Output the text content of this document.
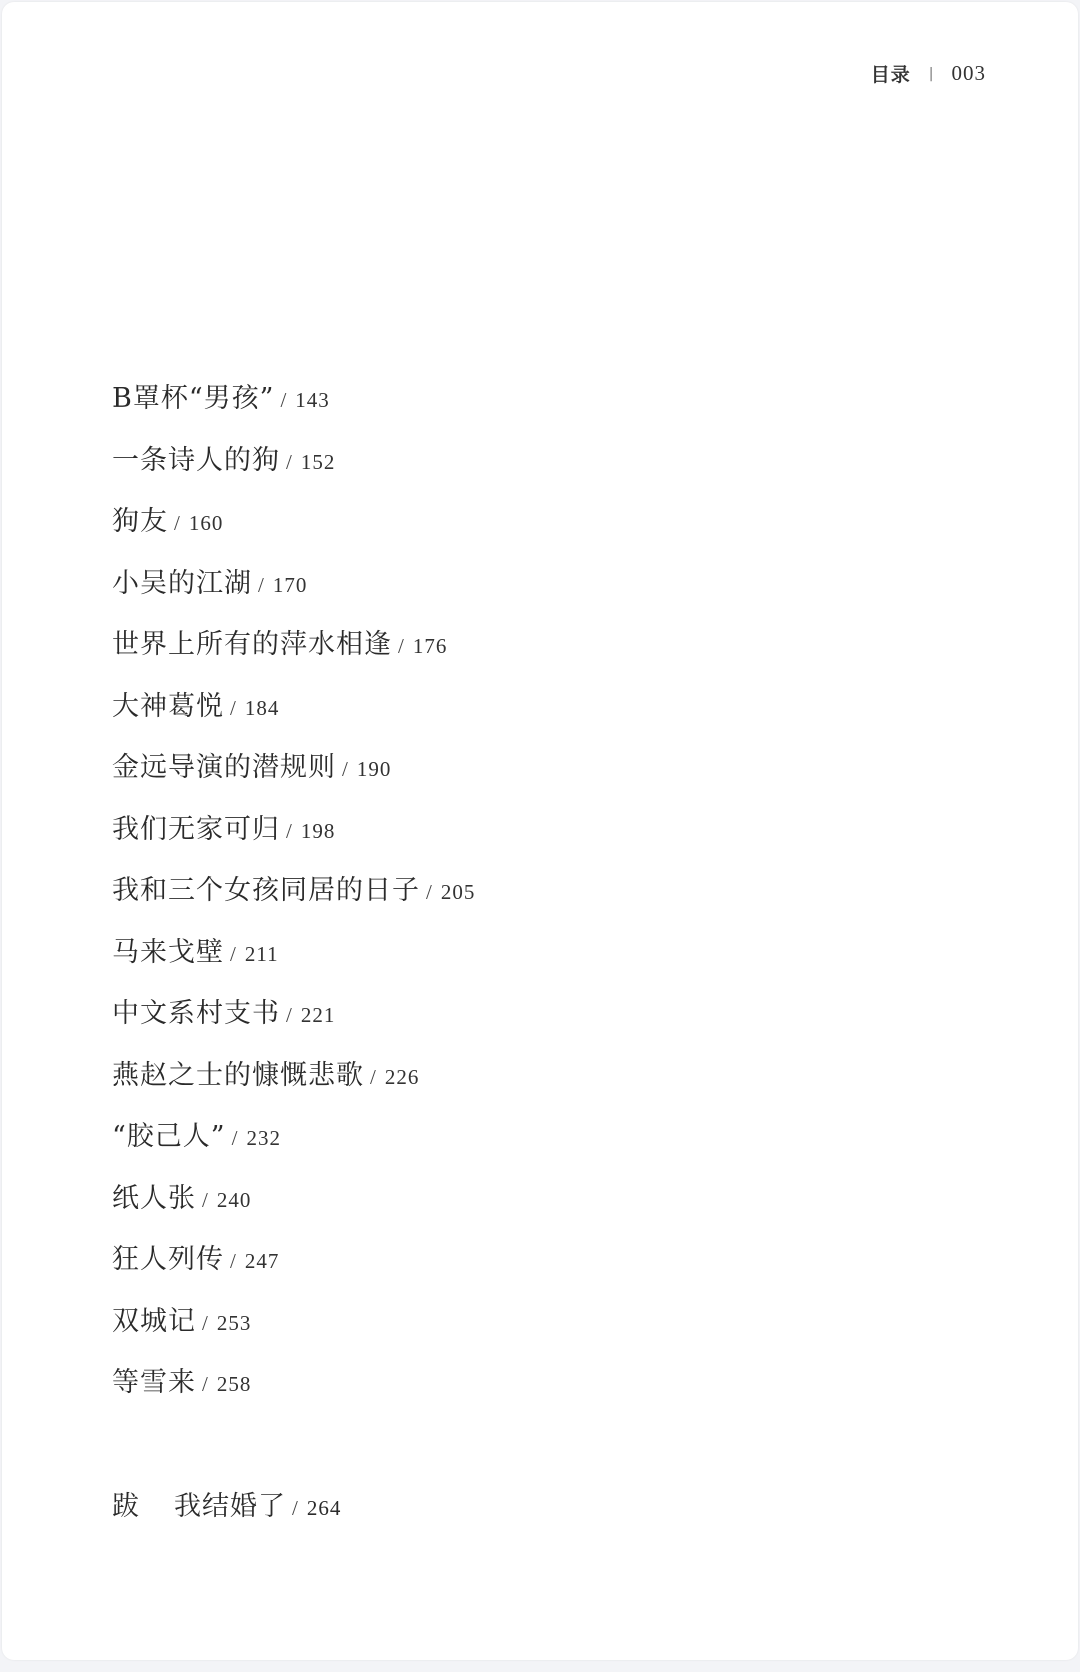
目录 | 003
B罩杯“男孩” / 143
一条诗人的狗 / 152
狗友 / 160
小吴的江湖 / 170
世界上所有的萍水相逢 / 176
大神葛悦 / 184
金远导演的潜规则 / 190
我们无家可归 / 198
我和三个女孩同居的日子 / 205
马来戈壁 / 211
中文系村支书 / 221
燕赵之士的慷慨悲歌 / 226
“胶己人” / 232
纸人张 / 240
狂人列传 / 247
双城记 / 253
等雪来 / 258
跋 我结婚了 / 264
